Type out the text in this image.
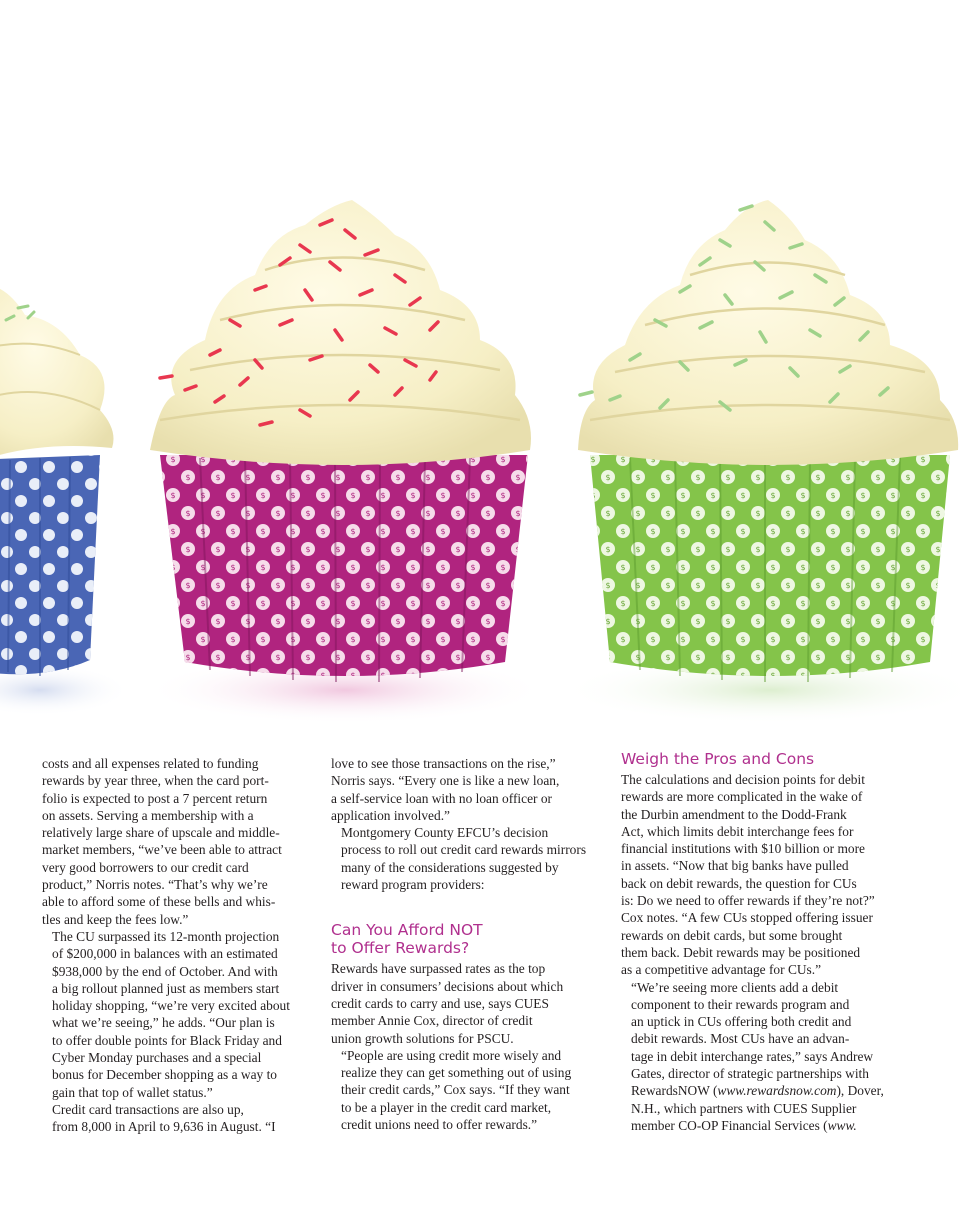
costs and all expenses related to funding
rewards by year three, when the card port-
folio is expected to post a 7 percent return
on assets. Serving a membership with a
relatively large share of upscale and middle-
market members, “we’ve been able to attract
very good borrowers to our credit card
product,” Norris notes. “That’s why we’re
able to afford some of these bells and whis-
tles and keep the fees low.”

The CU surpassed its 12-month projection
of $200,000 in balances with an estimated
$938,000 by the end of October. And with
a big rollout planned just as members start
holiday shopping, “we’re very excited about
what we’re seeing,” he adds. “Our plan is
to offer double points for Black Friday and
Cyber Monday purchases and a special
bonus for December shopping as a way to
gain that top of wallet status.”

Credit card transactions are also up,
from 8,000 in April to 9,636 in August. “I

love to see those transactions on the rise,”
Norris says. “Every one is like a new loan,
a self-service loan with no loan officer or
application involved.”

Montgomery County EFCU’s decision
process to roll out credit card rewards mirrors
many of the considerations suggested by
reward program providers:

Can You Afford NOT
to Offer Rewards?

Rewards have surpassed rates as the top
driver in consumers’ decisions about which
credit cards to carry and use, says CUES
member Annie Cox, director of credit
union growth solutions for PSCU.

“People are using credit more wisely and
realize they can get something out of using
their credit cards,” Cox says. “If they want
to be a player in the credit card market,
credit unions need to offer rewards.”

Weigh the Pros and Cons

The calculations and decision points for debit
rewards are more complicated in the wake of
the Durbin amendment to the Dodd-Frank
Act, which limits debit interchange fees for
financial institutions with $10 billion or more
in assets. “Now that big banks have pulled
back on debit rewards, the question for CUs
is: Do we need to offer rewards if they’re not?”
Cox notes. “A few CUs stopped offering issuer
rewards on debit cards, but some brought
them back. Debit rewards may be positioned
as a competitive advantage for CUs.”

“We’re seeing more clients add a debit
component to their rewards program and
an uptick in CUs offering both credit and
debit rewards. Most CUs have an advan-
tage in debit interchange rates,” says Andrew
Gates, director of strategic partnerships with
RewardsNOW (www.rewardsnow.com), Dover,
N.H., which partners with CUES Supplier
member CO-OP Financial Services (www.
